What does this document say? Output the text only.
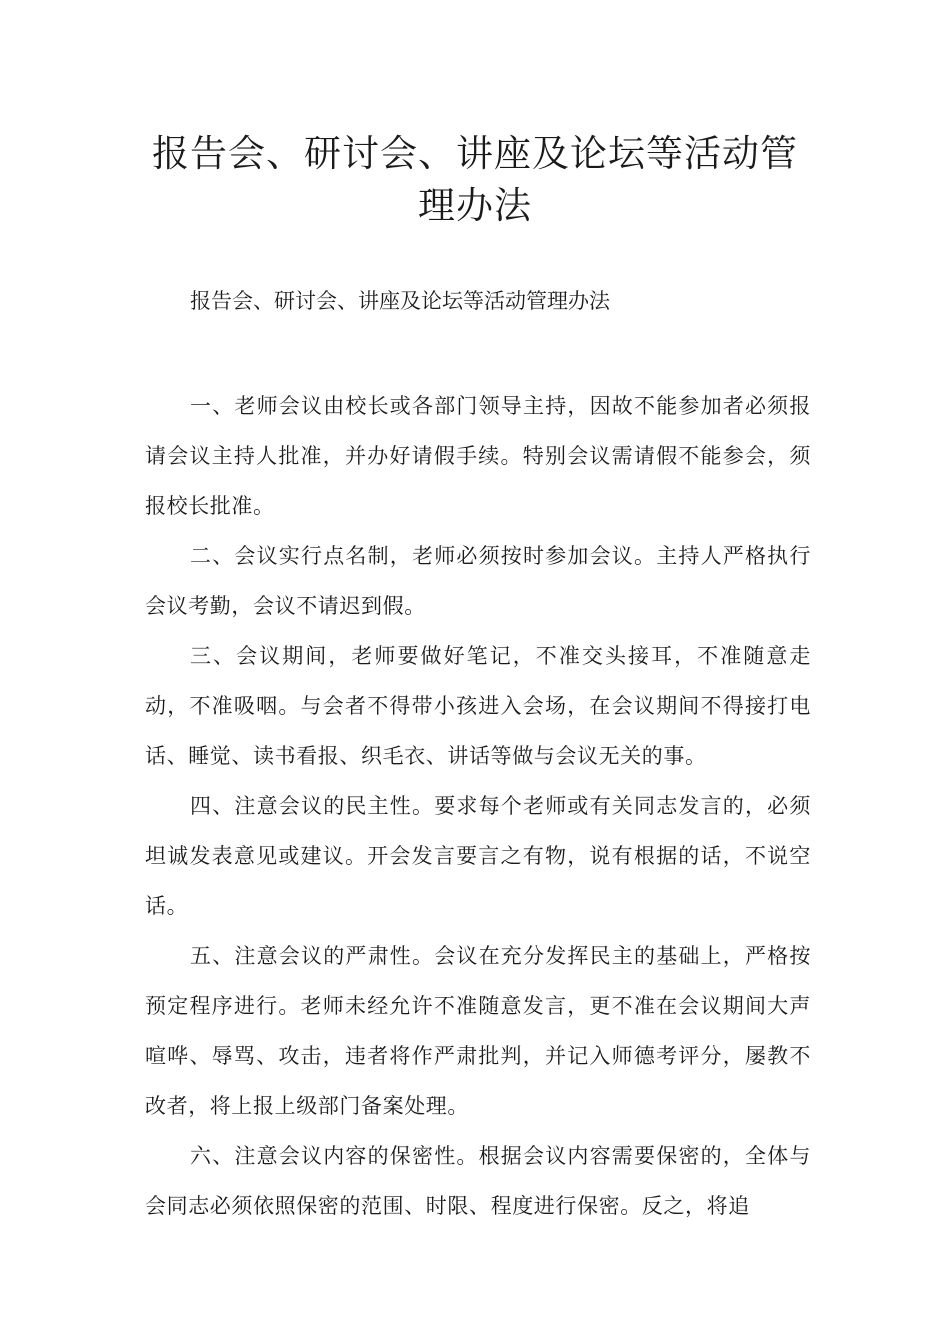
报告会、研讨会、讲座及论坛等活动管理办法

报告会、研讨会、讲座及论坛等活动管理办法

一、老师会议由校长或各部门领导主持，因故不能参加者必须报请会议主持人批准，并办好请假手续。特别会议需请假不能参会，须报校长批准。

二、会议实行点名制，老师必须按时参加会议。主持人严格执行会议考勤，会议不请迟到假。

三、会议期间，老师要做好笔记，不准交头接耳，不准随意走动，不准吸咽。与会者不得带小孩进入会场，在会议期间不得接打电话、睡觉、读书看报、织毛衣、讲话等做与会议无关的事。

四、注意会议的民主性。要求每个老师或有关同志发言的，必须坦诚发表意见或建议。开会发言要言之有物，说有根据的话，不说空话。

五、注意会议的严肃性。会议在充分发挥民主的基础上，严格按预定程序进行。老师未经允许不准随意发言，更不准在会议期间大声喧哗、辱骂、攻击，违者将作严肃批判，并记入师德考评分，屡教不改者，将上报上级部门备案处理。

六、注意会议内容的保密性。根据会议内容需要保密的，全体与会同志必须依照保密的范围、时限、程度进行保密。反之，将追
